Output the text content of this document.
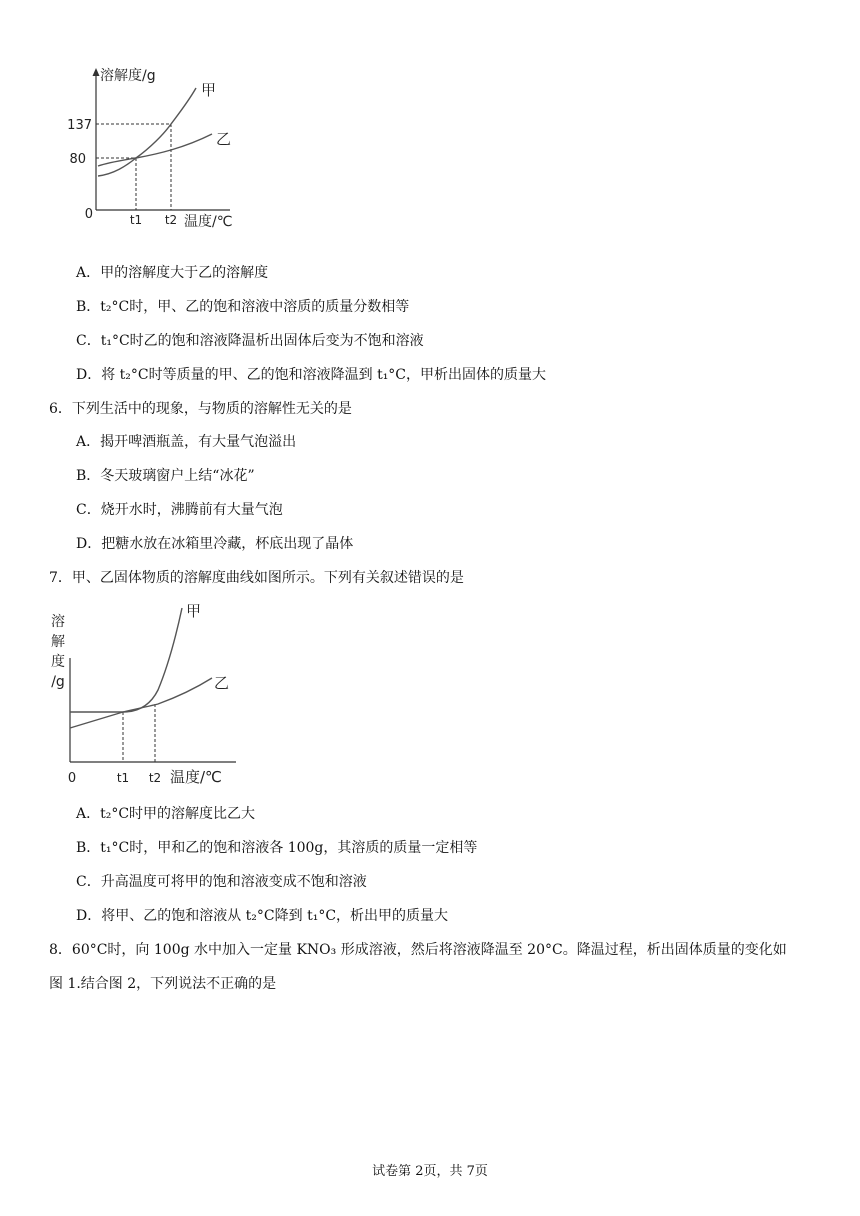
溶解度/g
137
80
0	t1 t2 温度/℃
甲
乙
A．甲的溶解度大于乙的溶解度
B．t₂°C时，甲、乙的饱和溶液中溶质的质量分数相等
C．t₁°C时乙的饱和溶液降温析出固体后变为不饱和溶液
D．将 t₂°C时等质量的甲、乙的饱和溶液降温到 t₁°C，甲析出固体的质量大
6．下列生活中的现象，与物质的溶解性无关的是
A．揭开啤酒瓶盖，有大量气泡溢出
B．冬天玻璃窗户上结“冰花”
C．烧开水时，沸腾前有大量气泡
D．把糖水放在冰箱里冷藏，杯底出现了晶体
7．甲、乙固体物质的溶解度曲线如图所示。下列有关叙述错误的是
溶
解
度
/g
0	t1 t2 温度/℃
甲
乙
A．t₂°C时甲的溶解度比乙大
B．t₁°C时，甲和乙的饱和溶液各 100g，其溶质的质量一定相等
C．升高温度可将甲的饱和溶液变成不饱和溶液
D．将甲、乙的饱和溶液从 t₂°C降到 t₁°C，析出甲的质量大
8．60°C时，向 100g 水中加入一定量 KNO₃ 形成溶液，然后将溶液降温至 20°C。降温过程，析出固体质量的变化如
图 1.结合图 2，下列说法不正确的是
试卷第 2页，共 7页
